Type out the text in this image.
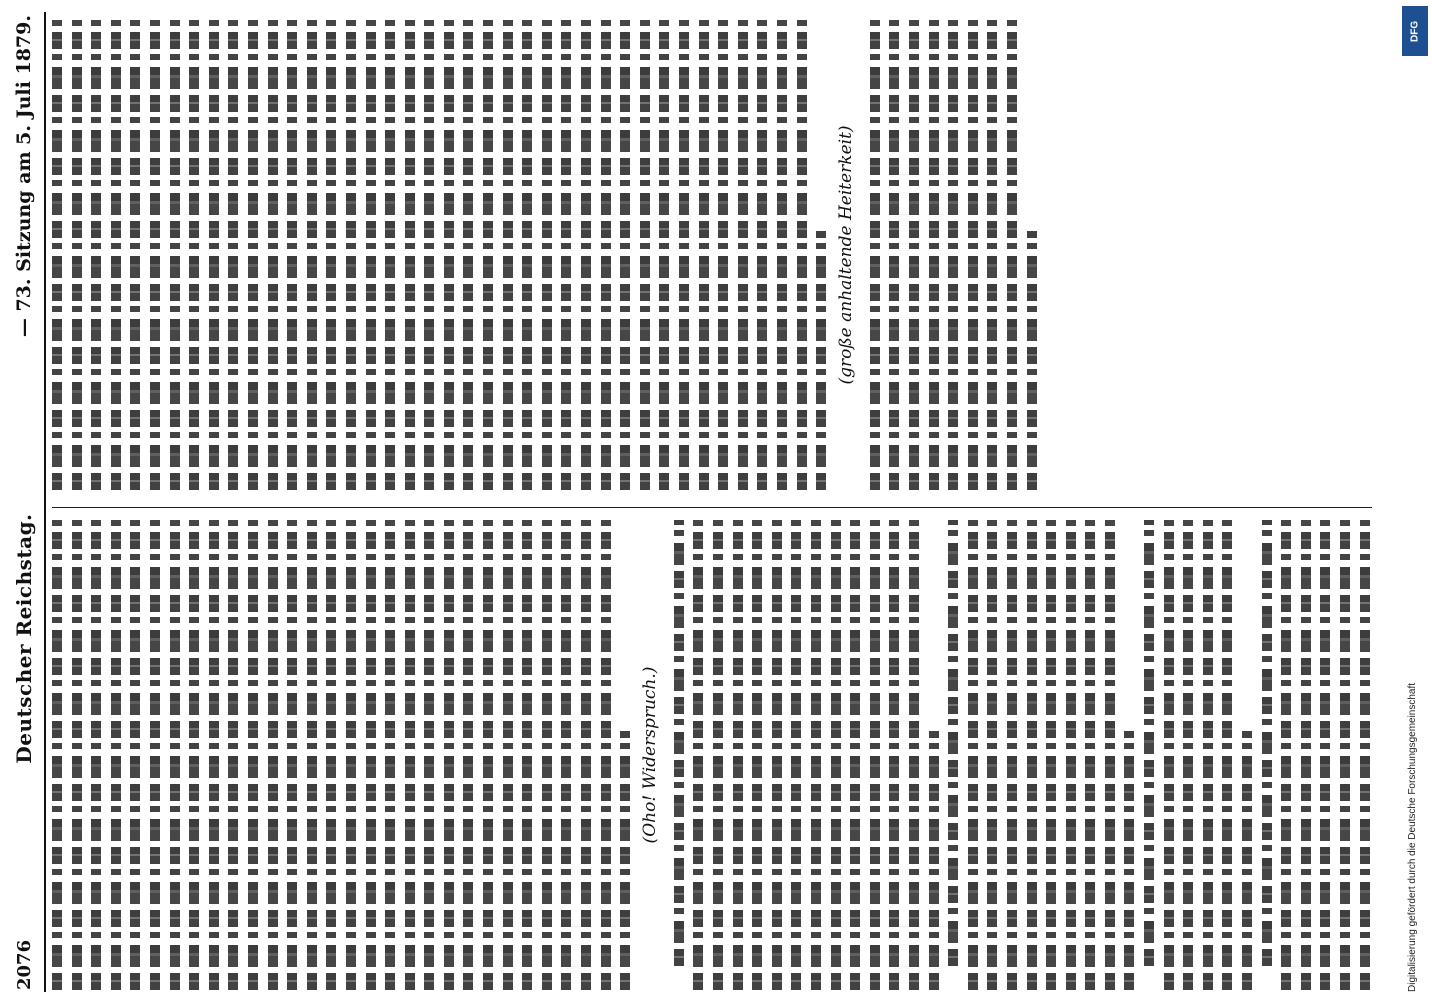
2076
Deutscher Reichstag.
— 73. Sitzung am 5. Juli 1879.
(Oho! Widerspruch.)
(große anhaltende Heiterkeit)
DFG
Digitalisierung gefördert durch die Deutsche Forschungsgemeinschaft
